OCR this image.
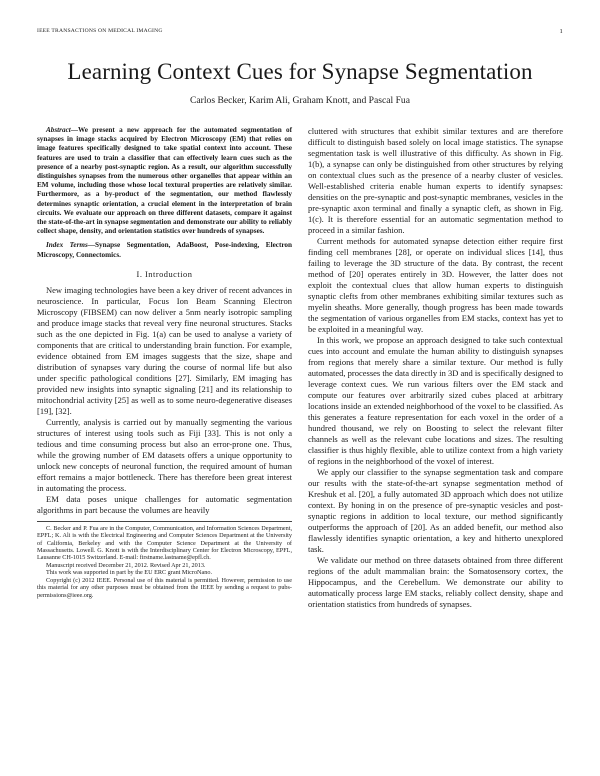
IEEE TRANSACTIONS ON MEDICAL IMAGING	1
Learning Context Cues for Synapse Segmentation
Carlos Becker, Karim Ali, Graham Knott, and Pascal Fua

Abstract—We present a new approach for the automated segmentation of synapses in image stacks acquired by Electron Microscopy (EM) that relies on image features specifically designed to take spatial context into account. These features are used to train a classifier that can effectively learn cues such as the presence of a nearby post-synaptic region. As a result, our algorithm successfully distinguishes synapses from the numerous other organelles that appear within an EM volume, including those whose local textural properties are relatively similar. Furthermore, as a by-product of the segmentation, our method flawlessly determines synaptic orientation, a crucial element in the interpretation of brain circuits. We evaluate our approach on three different datasets, compare it against the state-of-the-art in synapse segmentation and demonstrate our ability to reliably collect shape, density, and orientation statistics over hundreds of synapses.

Index Terms—Synapse Segmentation, AdaBoost, Pose-indexing, Electron Microscopy, Connectomics.

I. Introduction

New imaging technologies have been a key driver of recent advances in neuroscience. In particular, Focus Ion Beam Scanning Electron Microscopy (FIBSEM) can now deliver a 5nm nearly isotropic sampling and produce image stacks that reveal very fine neuronal structures. Stacks such as the one depicted in Fig. 1(a) can be used to analyse a variety of components that are critical to understanding brain function. For example, evidence obtained from EM images suggests that the size, shape and distribution of synapses vary during the course of normal life but also under specific pathological conditions [27]. Similarly, EM imaging has provided new insights into synaptic signaling [21] and its relationship to mitochondrial activity [25] as well as to some neuro-degenerative diseases [19], [32].

Currently, analysis is carried out by manually segmenting the various structures of interest using tools such as Fiji [33]. This is not only a tedious and time consuming process but also an error-prone one. Thus, while the growing number of EM datasets offers a unique opportunity to unlock new concepts of neuronal function, the required amount of human effort remains a major bottleneck. There has therefore been great interest in automating the process.

EM data poses unique challenges for automatic segmentation algorithms in part because the volumes are heavily

C. Becker and P. Fua are in the Computer, Communication, and Information Sciences Department, EPFL; K. Ali is with the Electrical Engineering and Computer Sciences Department at the University of California, Berkeley and with the Computer Science Department at the University of Massachusetts. Lowell. G. Knott is with the Interdisciplinary Center for Electron Microscopy, EPFL, Lausanne CH-1015 Switzerland. E-mail: firstname.lastname@epfl.ch.

Manuscript received December 21, 2012. Revised Apr 21, 2013.

This work was supported in part by the EU ERC grant MicroNano.

Copyright (c) 2012 IEEE. Personal use of this material is permitted. However, permission to use this material for any other purposes must be obtained from the IEEE by sending a request to pubs-permissions@ieee.org.

cluttered with structures that exhibit similar textures and are therefore difficult to distinguish based solely on local image statistics. The synapse segmentation task is well illustrative of this difficulty. As shown in Fig. 1(b), a synapse can only be distinguished from other structures by relying on contextual clues such as the presence of a nearby cluster of vesicles. Well-established criteria enable human experts to identify synapses: densities on the pre-synaptic and post-synaptic membranes, vesicles in the pre-synaptic axon terminal and finally a synaptic cleft, as shown in Fig. 1(c). It is therefore essential for an automatic segmentation method to proceed in a similar fashion.

Current methods for automated synapse detection either require first finding cell membranes [28], or operate on individual slices [14], thus failing to leverage the 3D structure of the data. By contrast, the recent method of [20] operates entirely in 3D. However, the latter does not exploit the contextual clues that allow human experts to distinguish synaptic clefts from other membranes exhibiting similar textures such as myelin sheaths. More generally, though progress has been made towards the segmentation of various organelles from EM stacks, context has yet to be exploited in a meaningful way.

In this work, we propose an approach designed to take such contextual cues into account and emulate the human ability to distinguish synapses from regions that merely share a similar texture. Our method is fully automated, processes the data directly in 3D and is specifically designed to leverage context cues. We run various filters over the EM stack and compute our features over arbitrarily sized cubes placed at arbitrary locations inside an extended neighborhood of the voxel to be classified. As this generates a feature representation for each voxel in the order of a hundred thousand, we rely on Boosting to select the relevant filter channels as well as the relevant cube locations and sizes. The resulting classifier is thus highly flexible, able to utilize context from a high variety of regions in the neighborhood of the voxel of interest.

We apply our classifier to the synapse segmentation task and compare our results with the state-of-the-art synapse segmentation method of Kreshuk et al. [20], a fully automated 3D approach which does not utilize context. By honing in on the presence of pre-synaptic vesicles and post-synaptic regions in addition to local texture, our method significantly outperforms the approach of [20]. As an added benefit, our method also flawlessly identifies synaptic orientation, a key and hitherto unexplored task.

We validate our method on three datasets obtained from three different regions of the adult mammalian brain: the Somatosensory cortex, the Hippocampus, and the Cerebellum. We demonstrate our ability to automatically process large EM stacks, reliably collect density, shape and orientation statistics from hundreds of synapses.
